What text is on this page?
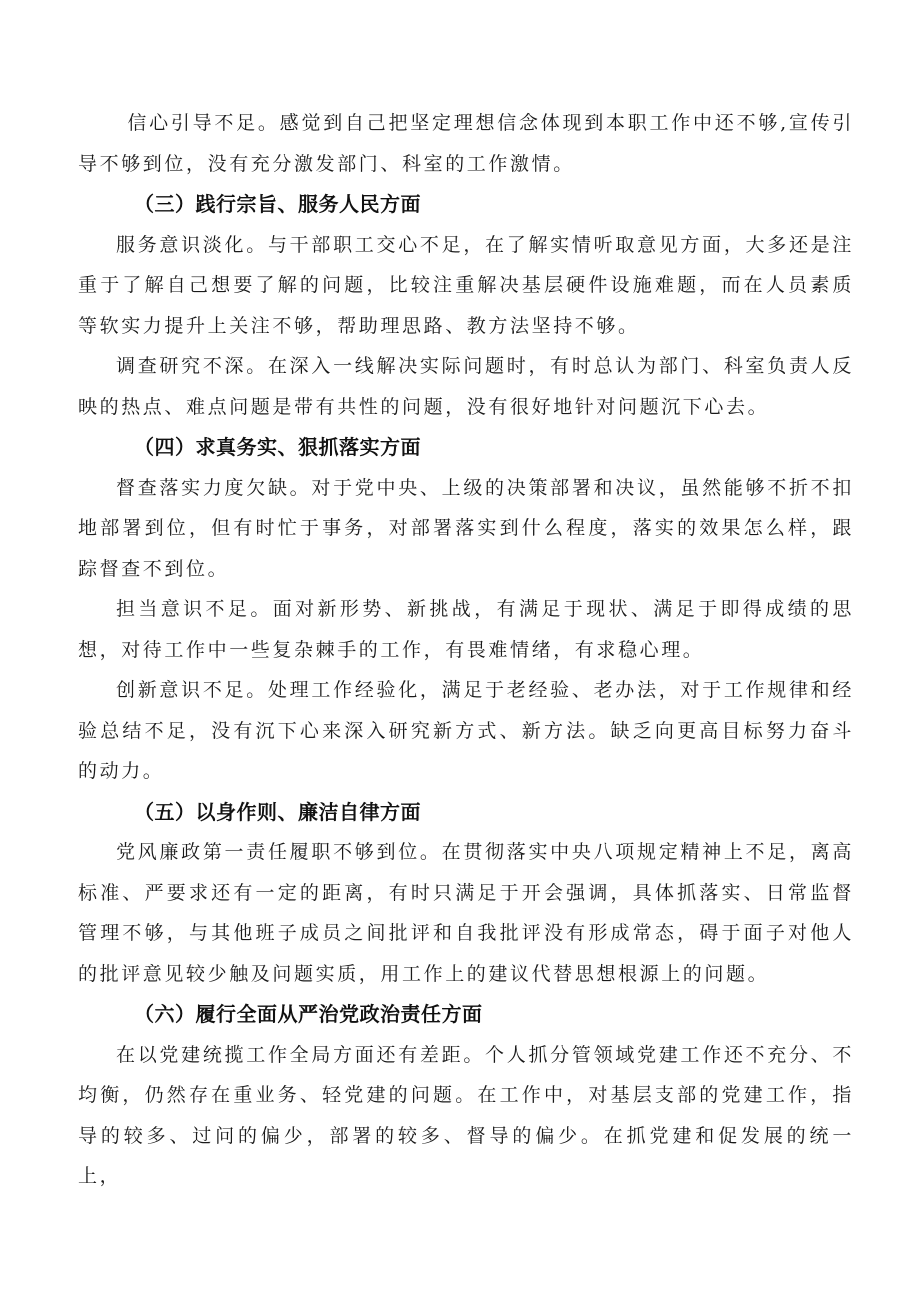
信心引导不足。感觉到自己把坚定理想信念体现到本职工作中还不够,宣传引导不够到位，没有充分激发部门、科室的工作激情。

（三）践行宗旨、服务人民方面

服务意识淡化。与干部职工交心不足，在了解实情听取意见方面，大多还是注重于了解自己想要了解的问题，比较注重解决基层硬件设施难题，而在人员素质等软实力提升上关注不够，帮助理思路、教方法坚持不够。

调查研究不深。在深入一线解决实际问题时，有时总认为部门、科室负责人反映的热点、难点问题是带有共性的问题，没有很好地针对问题沉下心去。

（四）求真务实、狠抓落实方面

督查落实力度欠缺。对于党中央、上级的决策部署和决议，虽然能够不折不扣地部署到位，但有时忙于事务，对部署落实到什么程度，落实的效果怎么样，跟踪督查不到位。

担当意识不足。面对新形势、新挑战，有满足于现状、满足于即得成绩的思想，对待工作中一些复杂棘手的工作，有畏难情绪，有求稳心理。

创新意识不足。处理工作经验化，满足于老经验、老办法，对于工作规律和经验总结不足，没有沉下心来深入研究新方式、新方法。缺乏向更高目标努力奋斗的动力。

（五）以身作则、廉洁自律方面

党风廉政第一责任履职不够到位。在贯彻落实中央八项规定精神上不足，离高标准、严要求还有一定的距离，有时只满足于开会强调，具体抓落实、日常监督管理不够，与其他班子成员之间批评和自我批评没有形成常态，碍于面子对他人的批评意见较少触及问题实质，用工作上的建议代替思想根源上的问题。

（六）履行全面从严治党政治责任方面

在以党建统揽工作全局方面还有差距。个人抓分管领域党建工作还不充分、不均衡，仍然存在重业务、轻党建的问题。在工作中，对基层支部的党建工作，指导的较多、过问的偏少，部署的较多、督导的偏少。在抓党建和促发展的统一上，
